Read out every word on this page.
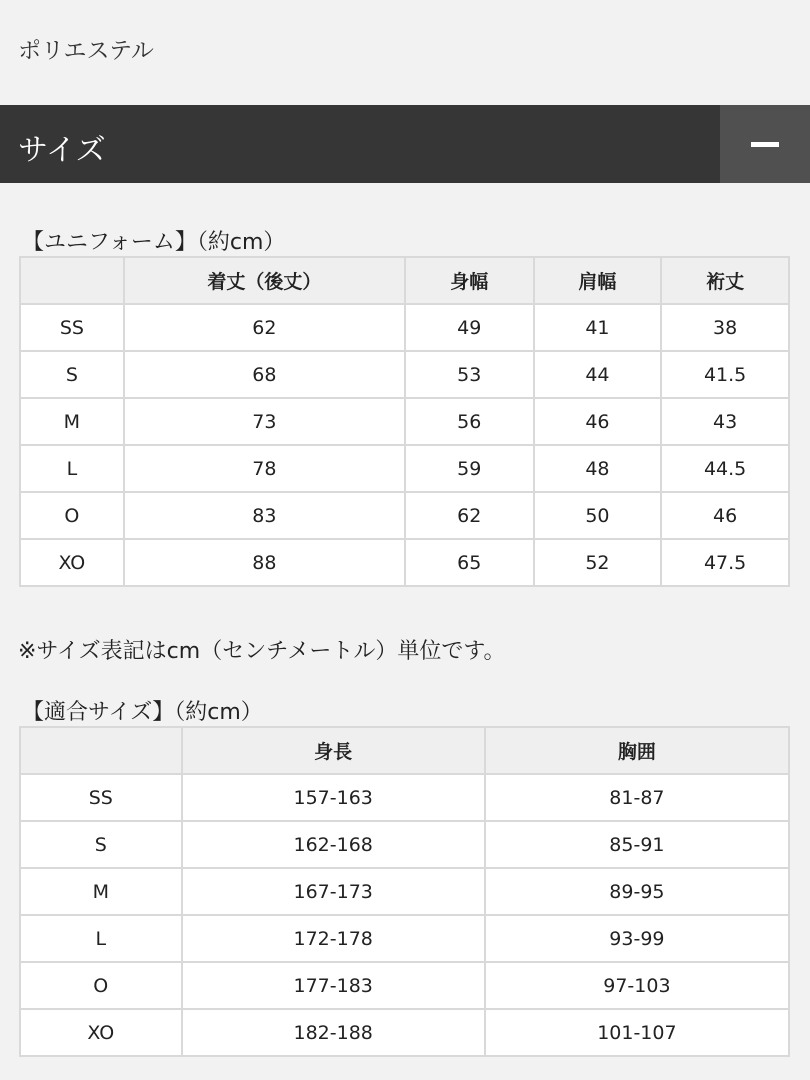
ポリエステル
サイズ
【ユニフォーム】（約cm）
	着丈（後丈）	身幅	肩幅	裄丈
SS	62	49	41	38
S	68	53	44	41.5
M	73	56	46	43
L	78	59	48	44.5
O	83	62	50	46
XO	88	65	52	47.5
※サイズ表記はcm（センチメートル）単位です。
【適合サイズ】（約cm）
	身長	胸囲
SS	157-163	81-87
S	162-168	85-91
M	167-173	89-95
L	172-178	93-99
O	177-183	97-103
XO	182-188	101-107
